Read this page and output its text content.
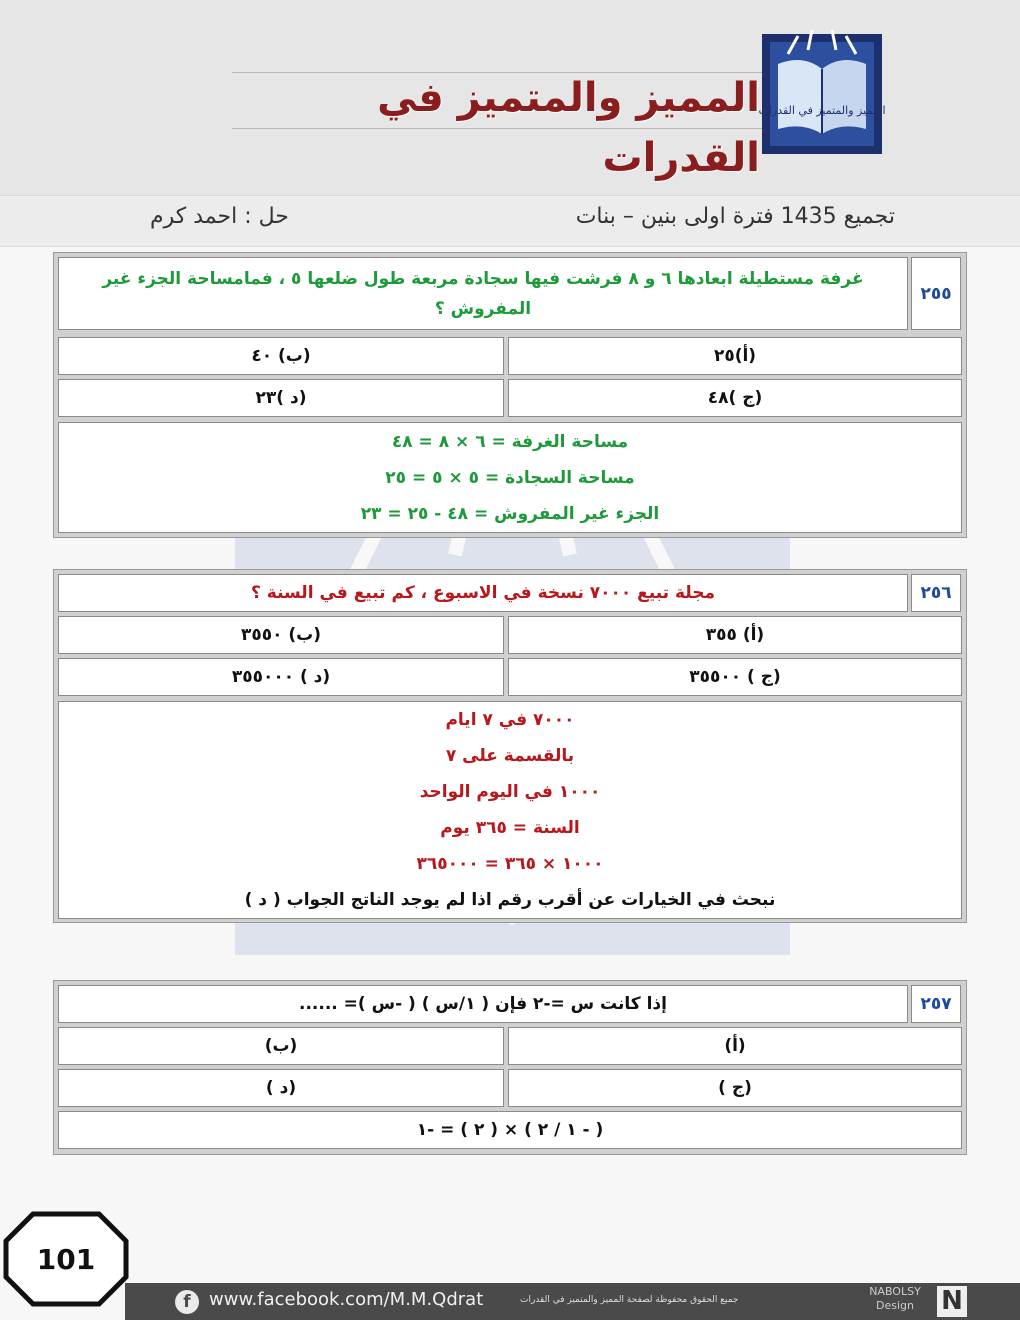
المميز والمتميز في القدرات
المميز والمتميز في القدرات
تجميع 1435 فترة اولى بنين – بنات
حل : احمد كرم
٢٥٥
غرفة مستطيلة ابعادها ٦ و ٨ فرشت فيها سجادة مربعة طول ضلعها ٥ ، فمامساحة الجزء غير المفروش ؟
(أ)٢٥
(ب) ٤٠
(ج )٤٨
(د )٢٣
مساحة الغرفة = ٦ × ٨ = ٤٨
مساحة السجادة = ٥ × ٥ = ٢٥
الجزء غير المفروش = ٤٨ - ٢٥ = ٢٣
٢٥٦
مجلة تبيع ٧٠٠٠ نسخة في الاسبوع ، كم تبيع في السنة ؟
(أ) ٣٥٥
(ب) ٣٥٥٠
(ج ) ٣٥٥٠٠
(د ) ٣٥٥٠٠٠
٧٠٠٠ في ٧ ايام
بالقسمة على ٧
١٠٠٠ في اليوم الواحد
السنة = ٣٦٥ يوم
١٠٠٠ × ٣٦٥ = ٣٦٥٠٠٠
نبحث في الخيارات عن أقرب رقم اذا لم يوجد الناتج الجواب ( د )
٢٥٧
إذا كانت س =-٢ فإن ( ١/س ) ( -س )= ......
(أ)
(ب)
(ج )
(د )
( - ١ / ٢ ) × ( ٢ ) = -١
101
f	www.facebook.com/M.M.Qdrat	جميع الحقوق محفوظة لصفحة المميز والمتميز في القدرات
NABOLSY
Design	N
